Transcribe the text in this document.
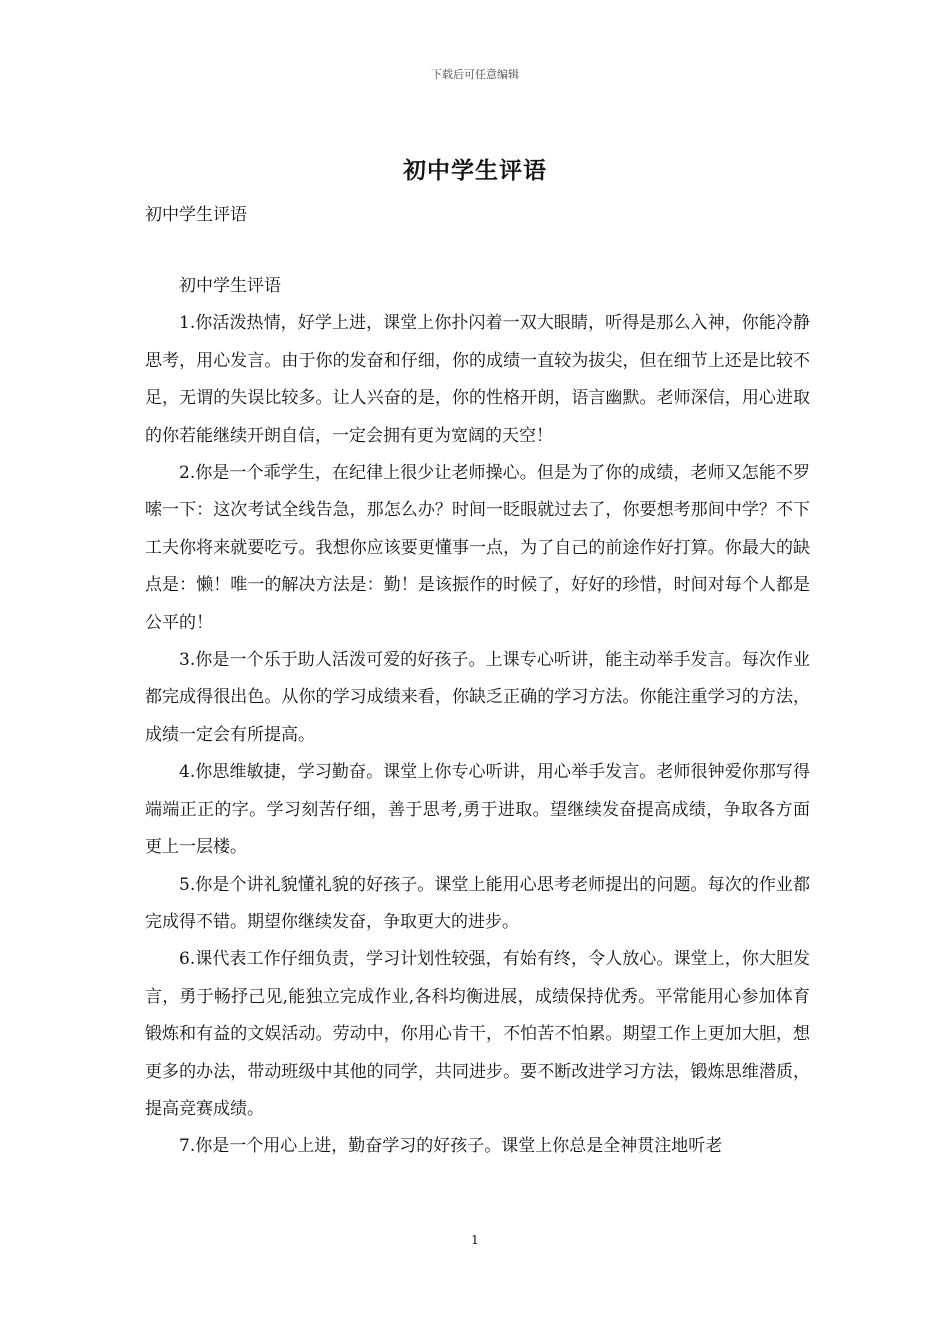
下载后可任意编辑
初中学生评语
初中学生评语

初中学生评语

1.你活泼热情，好学上进，课堂上你扑闪着一双大眼睛，听得是那么入神，你能冷静思考，用心发言。由于你的发奋和仔细，你的成绩一直较为拔尖，但在细节上还是比较不足，无谓的失误比较多。让人兴奋的是，你的性格开朗，语言幽默。老师深信，用心进取的你若能继续开朗自信，一定会拥有更为宽阔的天空！

2.你是一个乖学生，在纪律上很少让老师操心。但是为了你的成绩，老师又怎能不罗嗦一下：这次考试全线告急，那怎么办？时间一眨眼就过去了，你要想考那间中学？不下工夫你将来就要吃亏。我想你应该要更懂事一点，为了自己的前途作好打算。你最大的缺点是：懒！唯一的解决方法是：勤！是该振作的时候了，好好的珍惜，时间对每个人都是公平的！

3.你是一个乐于助人活泼可爱的好孩子。上课专心听讲，能主动举手发言。每次作业都完成得很出色。从你的学习成绩来看，你缺乏正确的学习方法。你能注重学习的方法，成绩一定会有所提高。

4.你思维敏捷，学习勤奋。课堂上你专心听讲，用心举手发言。老师很钟爱你那写得端端正正的字。学习刻苦仔细，善于思考,勇于进取。望继续发奋提高成绩，争取各方面更上一层楼。

5.你是个讲礼貌懂礼貌的好孩子。课堂上能用心思考老师提出的问题。每次的作业都完成得不错。期望你继续发奋，争取更大的进步。

6.课代表工作仔细负责，学习计划性较强，有始有终，令人放心。课堂上，你大胆发言，勇于畅抒己见,能独立完成作业,各科均衡进展，成绩保持优秀。平常能用心参加体育锻炼和有益的文娱活动。劳动中，你用心肯干，不怕苦不怕累。期望工作上更加大胆，想更多的办法，带动班级中其他的同学，共同进步。要不断改进学习方法，锻炼思维潜质，提高竞赛成绩。

7.你是一个用心上进，勤奋学习的好孩子。课堂上你总是全神贯注地听老

1
